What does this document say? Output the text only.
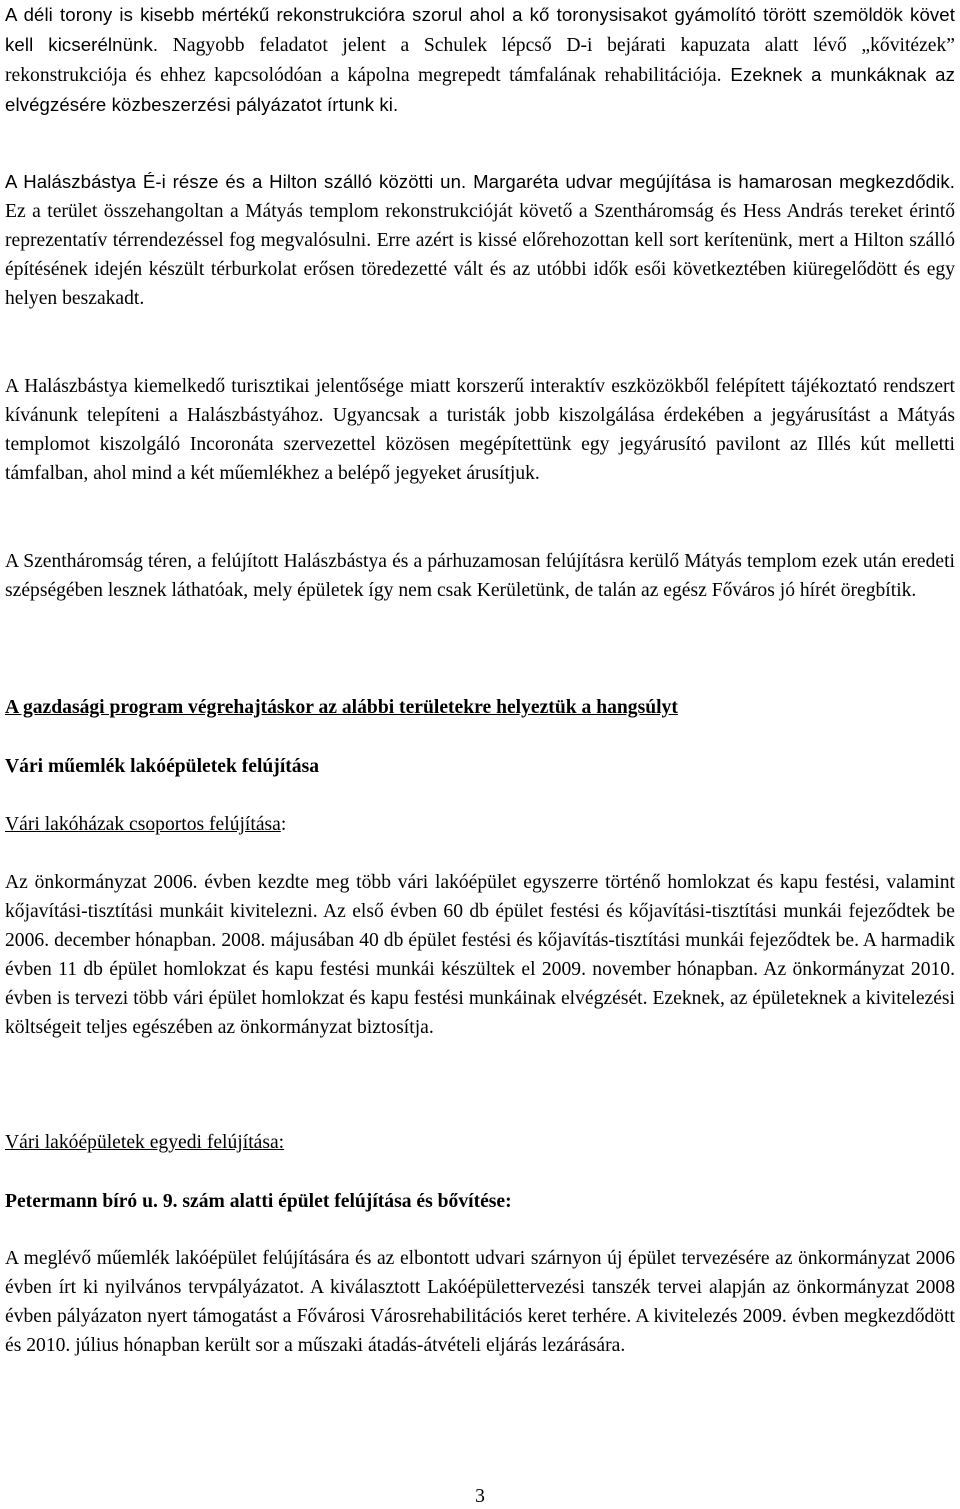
A déli torony is kisebb mértékű rekonstrukcióra szorul ahol a kő toronysisakot gyámolító törött szemöldök követ kell kicserélnünk. Nagyobb feladatot jelent a Schulek lépcső D-i bejárati kapuzata alatt lévő „kővitézek” rekonstrukciója és ehhez kapcsolódóan a kápolna megrepedt támfalának rehabilitációja. Ezeknek a munkáknak az elvégzésére közbeszerzési pályázatot írtunk ki.

A Halászbástya É-i része és a Hilton szálló közötti un. Margaréta udvar megújítása is hamarosan megkezdődik. Ez a terület összehangoltan a Mátyás templom rekonstrukcióját követő a Szentháromság és Hess András tereket érintő reprezentatív térrendezéssel fog megvalósulni. Erre azért is kissé előrehozottan kell sort kerítenünk, mert a Hilton szálló építésének idején készült térburkolat erősen töredezetté vált és az utóbbi idők esői következtében kiüregelődött és egy helyen beszakadt.

A Halászbástya kiemelkedő turisztikai jelentősége miatt korszerű interaktív eszközökből felépített tájékoztató rendszert kívánunk telepíteni a Halászbástyához. Ugyancsak a turisták jobb kiszolgálása érdekében a jegyárusítást a Mátyás templomot kiszolgáló Incoronáta szervezettel közösen megépítettünk egy jegyárusító pavilont az Illés kút melletti támfalban, ahol mind a két műemlékhez a belépő jegyeket árusítjuk.

A Szentháromság téren, a felújított Halászbástya és a párhuzamosan felújításra kerülő Mátyás templom ezek után eredeti szépségében lesznek láthatóak, mely épületek így nem csak Kerületünk, de talán az egész Főváros jó hírét öregbítik.

A gazdasági program végrehajtáskor az alábbi területekre helyeztük a hangsúlyt

Vári műemlék lakóépületek felújítása

Vári lakóházak csoportos felújítása:

Az önkormányzat 2006. évben kezdte meg több vári lakóépület egyszerre történő homlokzat és kapu festési, valamint kőjavítási-tisztítási munkáit kivitelezni. Az első évben 60 db épület festési és kőjavítási-tisztítási munkái fejeződtek be 2006. december hónapban. 2008. májusában 40 db épület festési és kőjavítás-tisztítási munkái fejeződtek be. A harmadik évben 11 db épület homlokzat és kapu festési munkái készültek el 2009. november hónapban. Az önkormányzat 2010. évben is tervezi több vári épület homlokzat és kapu festési munkáinak elvégzését. Ezeknek, az épületeknek a kivitelezési költségeit teljes egészében az önkormányzat biztosítja.

Vári lakóépületek egyedi felújítása:

Petermann bíró u. 9. szám alatti épület felújítása és bővítése:

A meglévő műemlék lakóépület felújítására és az elbontott udvari szárnyon új épület tervezésére az önkormányzat 2006 évben írt ki nyilvános tervpályázatot. A kiválasztott Lakóépülettervezési tanszék tervei alapján az önkormányzat 2008 évben pályázaton nyert támogatást a Fővárosi Városrehabilitációs keret terhére. A kivitelezés 2009. évben megkezdődött és 2010. július hónapban került sor a műszaki átadás-átvételi eljárás lezárására.

3
